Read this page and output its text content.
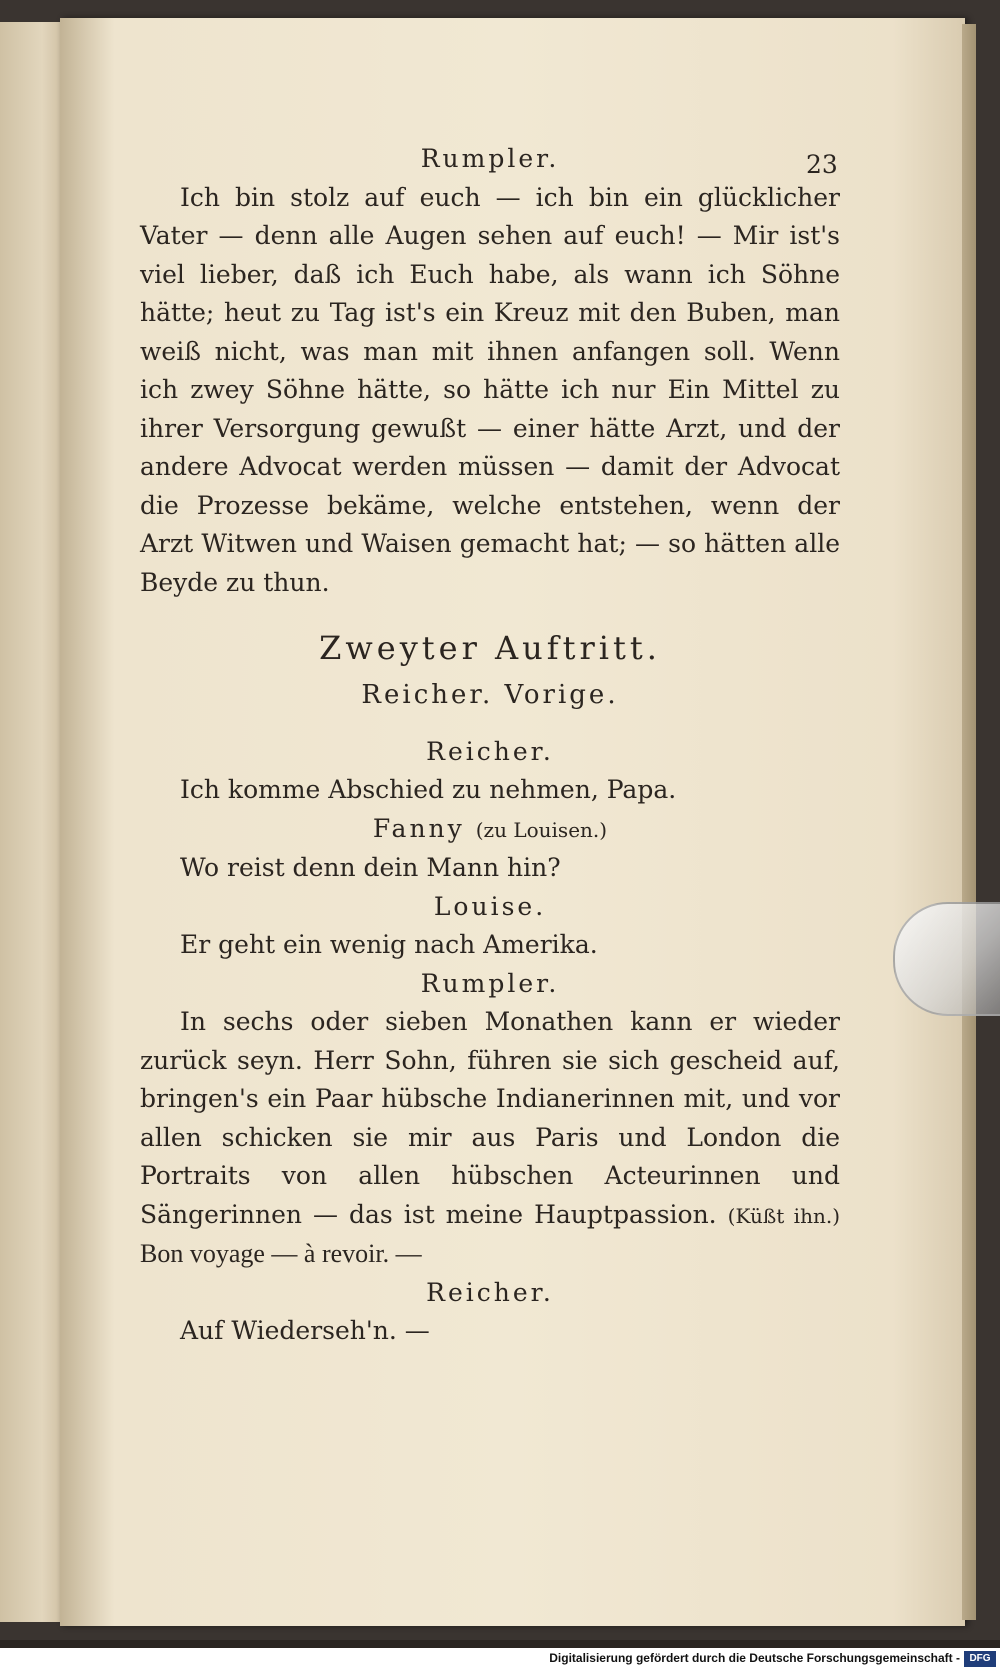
23
Rumpler.
Ich bin stolz auf euch — ich bin ein glücklicher Vater — denn alle Augen sehen auf euch! — Mir ist's viel lieber, daß ich Euch habe, als wann ich Söhne hätte; heut zu Tag ist's ein Kreuz mit den Buben, man weiß nicht, was man mit ihnen anfangen soll. Wenn ich zwey Söhne hätte, so hätte ich nur Ein Mittel zu ihrer Versorgung gewußt — einer hätte Arzt, und der andere Advocat werden müssen — damit der Advocat die Prozesse bekäme, welche entstehen, wenn der Arzt Witwen und Waisen gemacht hat; — so hätten alle Beyde zu thun.
Zweyter Auftritt.
Reicher. Vorige.
Reicher.
Ich komme Abschied zu nehmen, Papa.
Fanny (zu Louisen.)
Wo reist denn dein Mann hin?
Louise.
Er geht ein wenig nach Amerika.
Rumpler.
In sechs oder sieben Monathen kann er wieder zurück seyn. Herr Sohn, führen sie sich gescheid auf, bringen's ein Paar hübsche Indianerinnen mit, und vor allen schicken sie mir aus Paris und London die Portraits von allen hübschen Acteurinnen und Sängerinnen — das ist meine Hauptpassion. (Küßt ihn.) Bon voyage — à revoir. —
Reicher.
Auf Wiederseh'n. —
Digitalisierung gefördert durch die Deutsche Forschungsgemeinschaft - DFG
